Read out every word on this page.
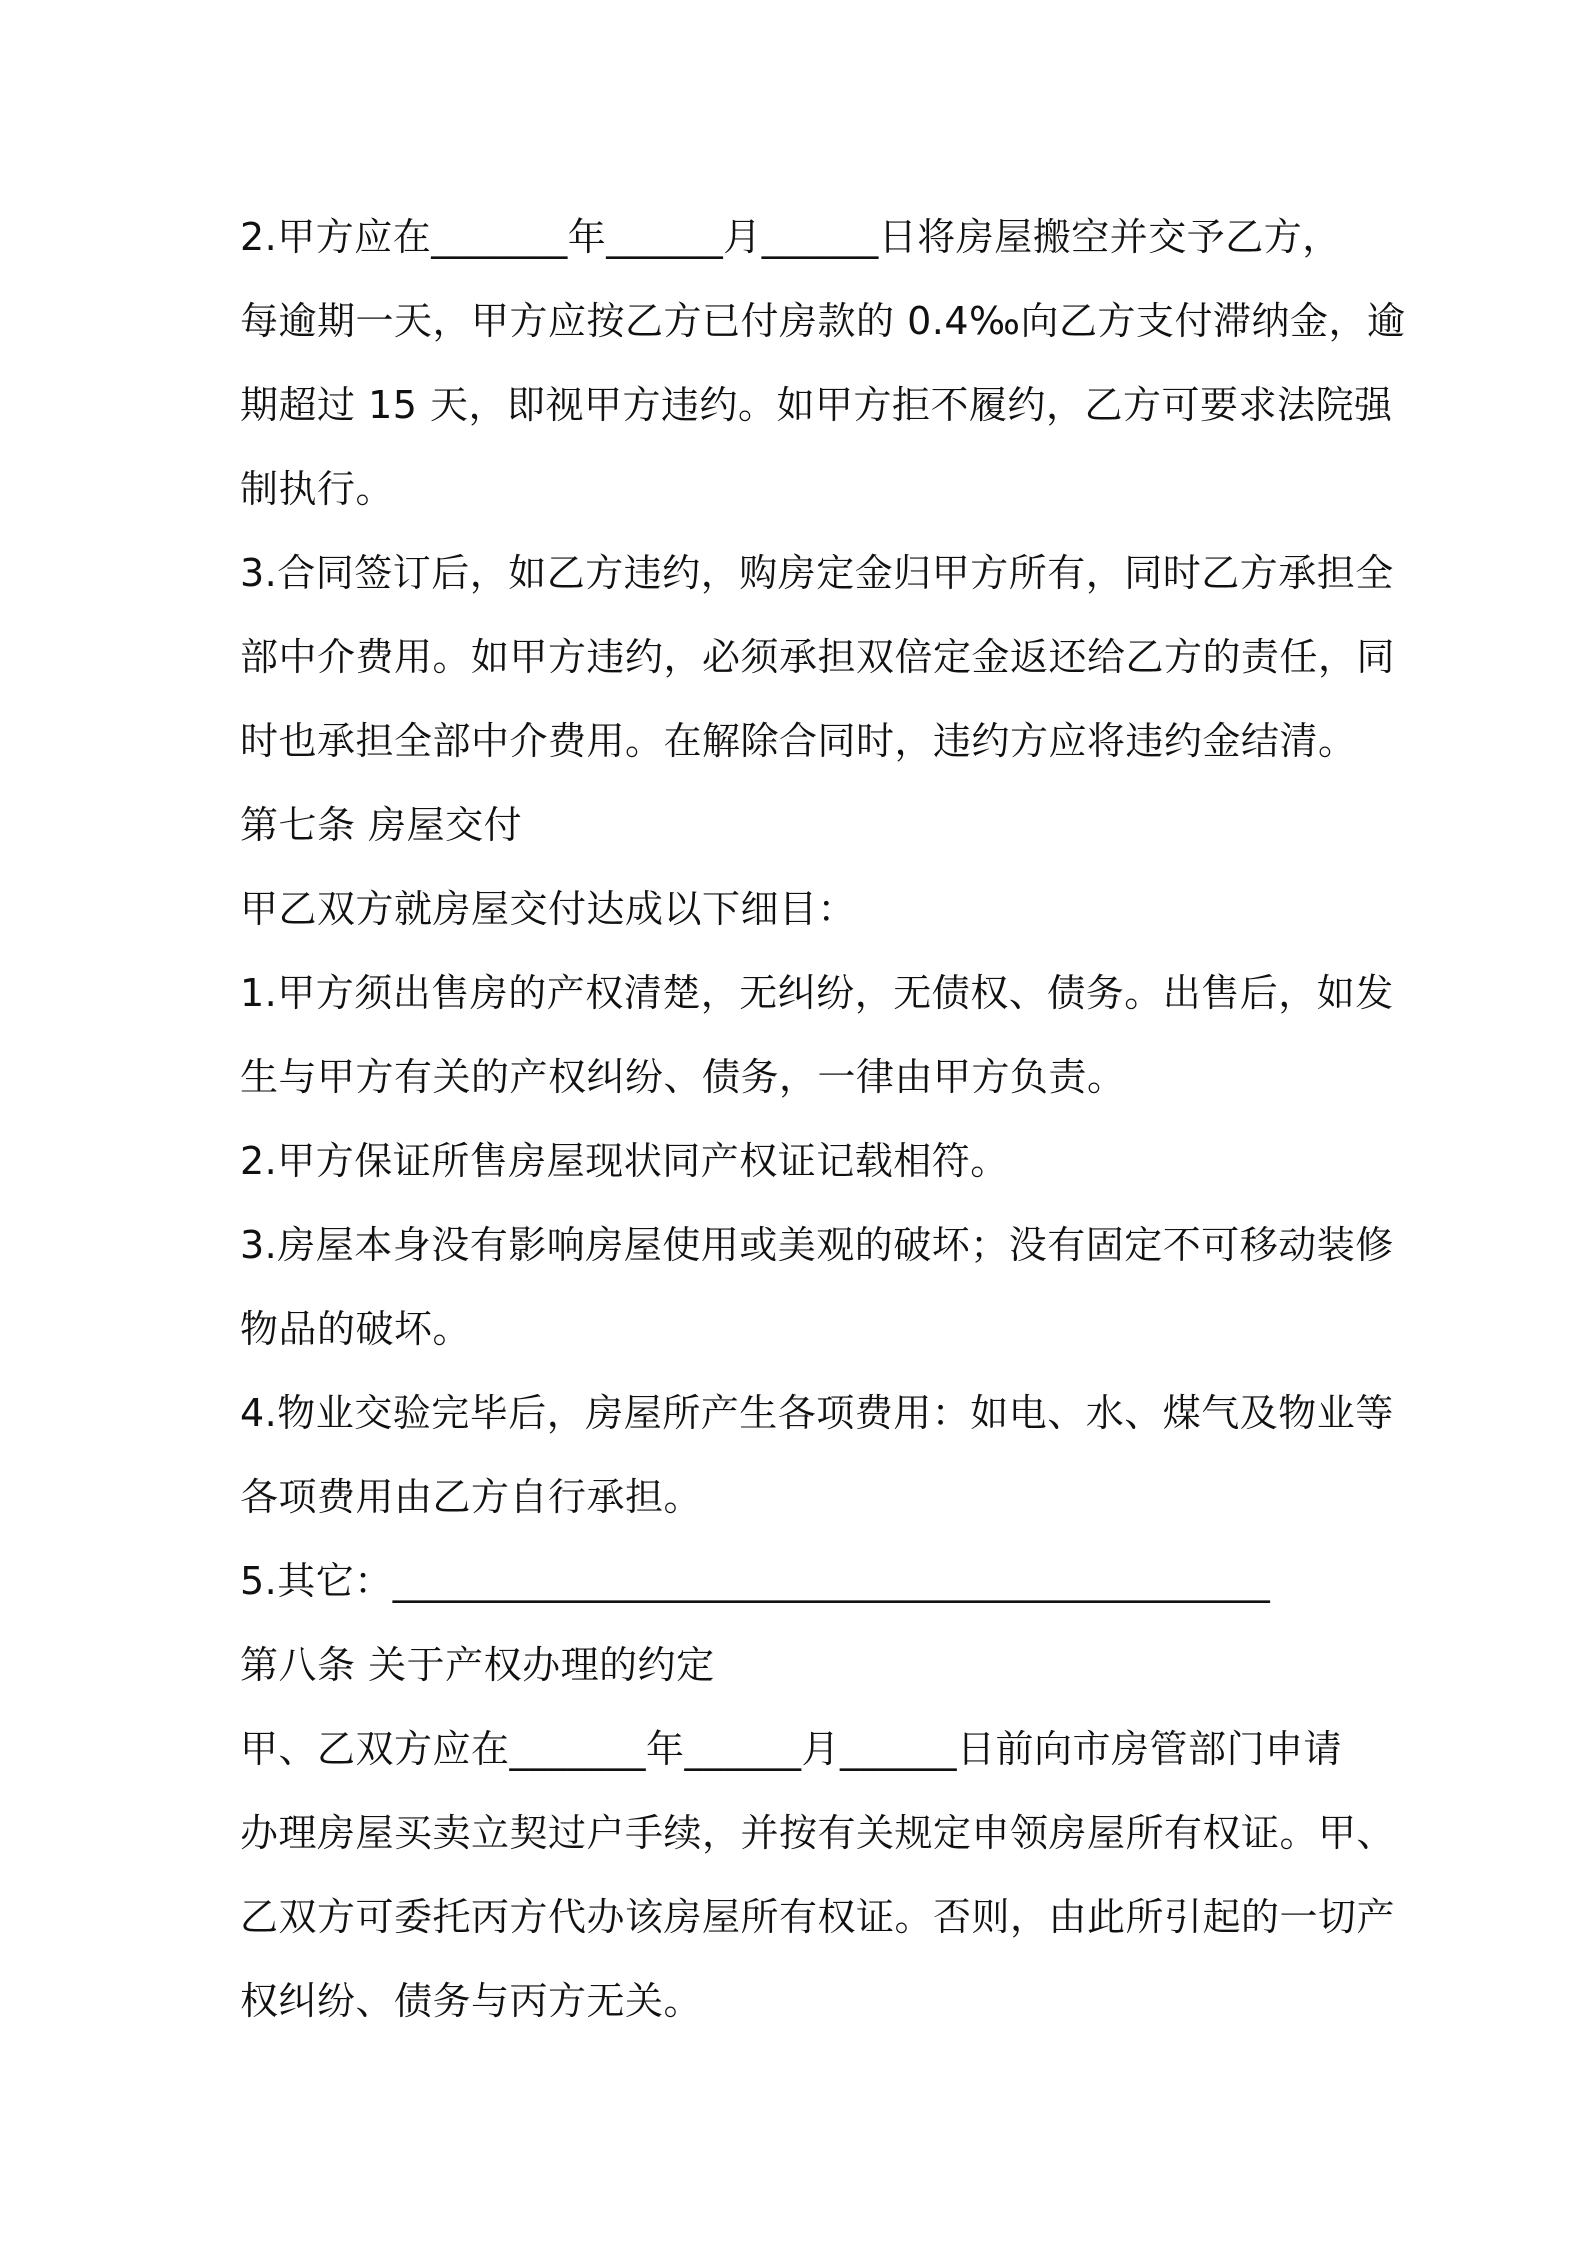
2.甲方应在_______年______月______日将房屋搬空并交予乙方，
每逾期一天，甲方应按乙方已付房款的 0.4‰向乙方支付滞纳金，逾
期超过 15 天，即视甲方违约。如甲方拒不履约，乙方可要求法院强
制执行。
3.合同签订后，如乙方违约，购房定金归甲方所有，同时乙方承担全
部中介费用。如甲方违约，必须承担双倍定金返还给乙方的责任，同
时也承担全部中介费用。在解除合同时，违约方应将违约金结清。
第七条 房屋交付
甲乙双方就房屋交付达成以下细目：
1.甲方须出售房的产权清楚，无纠纷，无债权、债务。出售后，如发
生与甲方有关的产权纠纷、债务，一律由甲方负责。
2.甲方保证所售房屋现状同产权证记载相符。
3.房屋本身没有影响房屋使用或美观的破坏；没有固定不可移动装修
物品的破坏。
4.物业交验完毕后，房屋所产生各项费用：如电、水、煤气及物业等
各项费用由乙方自行承担。
5.其它：_____________________________________________
第八条 关于产权办理的约定
甲、乙双方应在_______年______月______日前向市房管部门申请
办理房屋买卖立契过户手续，并按有关规定申领房屋所有权证。甲、
乙双方可委托丙方代办该房屋所有权证。否则，由此所引起的一切产
权纠纷、债务与丙方无关。
